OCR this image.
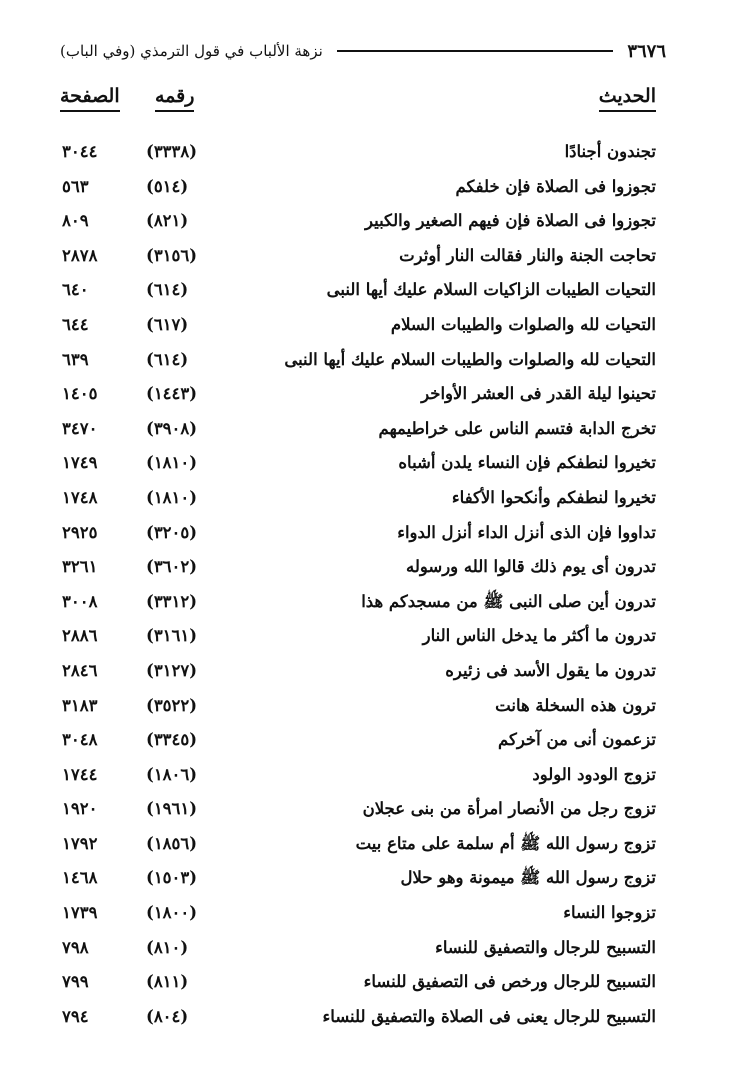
٣٦٧٦
نزهة الألباب في قول الترمذي (وفي الباب)
الحديث
رقمه
الصفحة
تجندون أجنادًا
(٣٣٣٨)
٣٠٤٤
تجوزوا فى الصلاة فإن خلفكم
(٥١٤)
٥٦٣
تجوزوا فى الصلاة فإن فيهم الصغير والكبير
(٨٢١)
٨٠٩
تحاجت الجنة والنار فقالت النار أوثرت
(٣١٥٦)
٢٨٧٨
التحيات الطيبات الزاكيات السلام عليك أيها النبى
(٦١٤)
٦٤٠
التحيات لله والصلوات والطيبات السلام
(٦١٧)
٦٤٤
التحيات لله والصلوات والطيبات السلام عليك أيها النبى
(٦١٤)
٦٣٩
تحينوا ليلة القدر فى العشر الأواخر
(١٤٤٣)
١٤٠٥
تخرج الدابة فتسم الناس على خراطيمهم
(٣٩٠٨)
٣٤٧٠
تخيروا لنطفكم فإن النساء يلدن أشباه
(١٨١٠)
١٧٤٩
تخيروا لنطفكم وأنكحوا الأكفاء
(١٨١٠)
١٧٤٨
تداووا فإن الذى أنزل الداء أنزل الدواء
(٣٢٠٥)
٢٩٢٥
تدرون أى يوم ذلك قالوا الله ورسوله
(٣٦٠٢)
٣٢٦١
تدرون أين صلى النبى ﷺ من مسجدكم هذا
(٣٣١٢)
٣٠٠٨
تدرون ما أكثر ما يدخل الناس النار
(٣١٦١)
٢٨٨٦
تدرون ما يقول الأسد فى زئيره
(٣١٢٧)
٢٨٤٦
ترون هذه السخلة هانت
(٣٥٢٢)
٣١٨٣
تزعمون أنى من آخركم
(٣٣٤٥)
٣٠٤٨
تزوج الودود الولود
(١٨٠٦)
١٧٤٤
تزوج رجل من الأنصار امرأة من بنى عجلان
(١٩٦١)
١٩٢٠
تزوج رسول الله ﷺ أم سلمة على متاع بيت
(١٨٥٦)
١٧٩٢
تزوج رسول الله ﷺ ميمونة وهو حلال
(١٥٠٣)
١٤٦٨
تزوجوا النساء
(١٨٠٠)
١٧٣٩
التسبيح للرجال والتصفيق للنساء
(٨١٠)
٧٩٨
التسبيح للرجال ورخص فى التصفيق للنساء
(٨١١)
٧٩٩
التسبيح للرجال يعنى فى الصلاة والتصفيق للنساء
(٨٠٤)
٧٩٤
